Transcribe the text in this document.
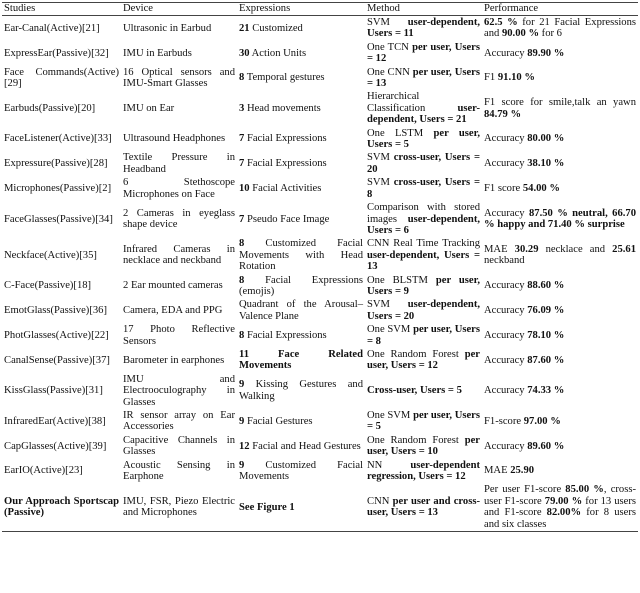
Studies	Device	Expressions	Method	Performance
Ear-Canal(Active)[21]	Ultrasonic in Earbud	21 Customized	SVM user-dependent, Users = 11	62.5 % for 21 Facial Expressions and 90.00 % for 6
ExpressEar(Passive)[32]	IMU in Earbuds	30 Action Units	One TCN per user, Users = 12	Accuracy 89.90 %
Face Commands(Active)[29]	16 Optical sensors and IMU-Smart Glasses	8 Temporal gestures	One CNN per user, Users = 13	F1 91.10 %
Earbuds(Passive)[20]	IMU on Ear	3 Head movements	Hierarchical Classification user-dependent, Users = 21	F1 score for smile,talk an yawn 84.79 %
FaceListener(Active)[33]	Ultrasound Headphones	7 Facial Expressions	One LSTM per user, Users = 5	Accuracy 80.00 %
Expressure(Passive)[28]	Textile Pressure in Headband	7 Facial Expressions	SVM cross-user, Users = 20	Accuracy 38.10 %
Microphones(Passive)[2]	6 Stethoscope Microphones on Face	10 Facial Activities	SVM cross-user, Users = 8	F1 score 54.00 %
FaceGlasses(Passive)[34]	2 Cameras in eyeglass shape device	7 Pseudo Face Image	Comparison with stored images user-dependent, Users = 6	Accuracy 87.50 % neutral, 66.70 % happy and 71.40 % surprise
Neckface(Active)[35]	Infrared Cameras in necklace and neckband	8 Customized Facial Movements with Head Rotation	CNN Real Time Tracking user-dependent, Users = 13	MAE 30.29 necklace and 25.61 neckband
C-Face(Passive)[18]	2 Ear mounted cameras	8 Facial Expressions (emojis)	One BLSTM per user, Users = 9	Accuracy 88.60 %
EmotGlass(Passive)[36]	Camera, EDA and PPG	Quadrant of the Arousal–Valence Plane	SVM user-dependent, Users = 20	Accuracy 76.09 %
PhotGlasses(Active)[22]	17 Photo Reflective Sensors	8 Facial Expressions	One SVM per user, Users = 8	Accuracy 78.10 %
CanalSense(Passive)[37]	Barometer in earphones	11 Face Related Movements	One Random Forest per user, Users = 12	Accuracy 87.60 %
KissGlass(Passive)[31]	IMU and Electrooculography in Glasses	9 Kissing Gestures and Walking	Cross-user, Users = 5	Accuracy 74.33 %
InfraredEar(Active)[38]	IR sensor array on Ear Accessories	9 Facial Gestures	One SVM per user, Users = 5	F1-score 97.00 %
CapGlasses(Active)[39]	Capacitive Channels in Glasses	12 Facial and Head Gestures	One Random Forest per user, Users = 10	Accuracy 89.60 %
EarIO(Active)[23]	Acoustic Sensing in Earphone	9 Customized Facial Movements	NN user-dependent regression, Users = 12	MAE 25.90
Our Approach Sportscap (Passive)	IMU, FSR, Piezo Electric and Microphones	See Figure 1	CNN per user and cross-user, Users = 13	Per user F1-score 85.00 %, cross-user F1-score 79.00 % for 13 users and F1-score 82.00% for 8 users and six classes
